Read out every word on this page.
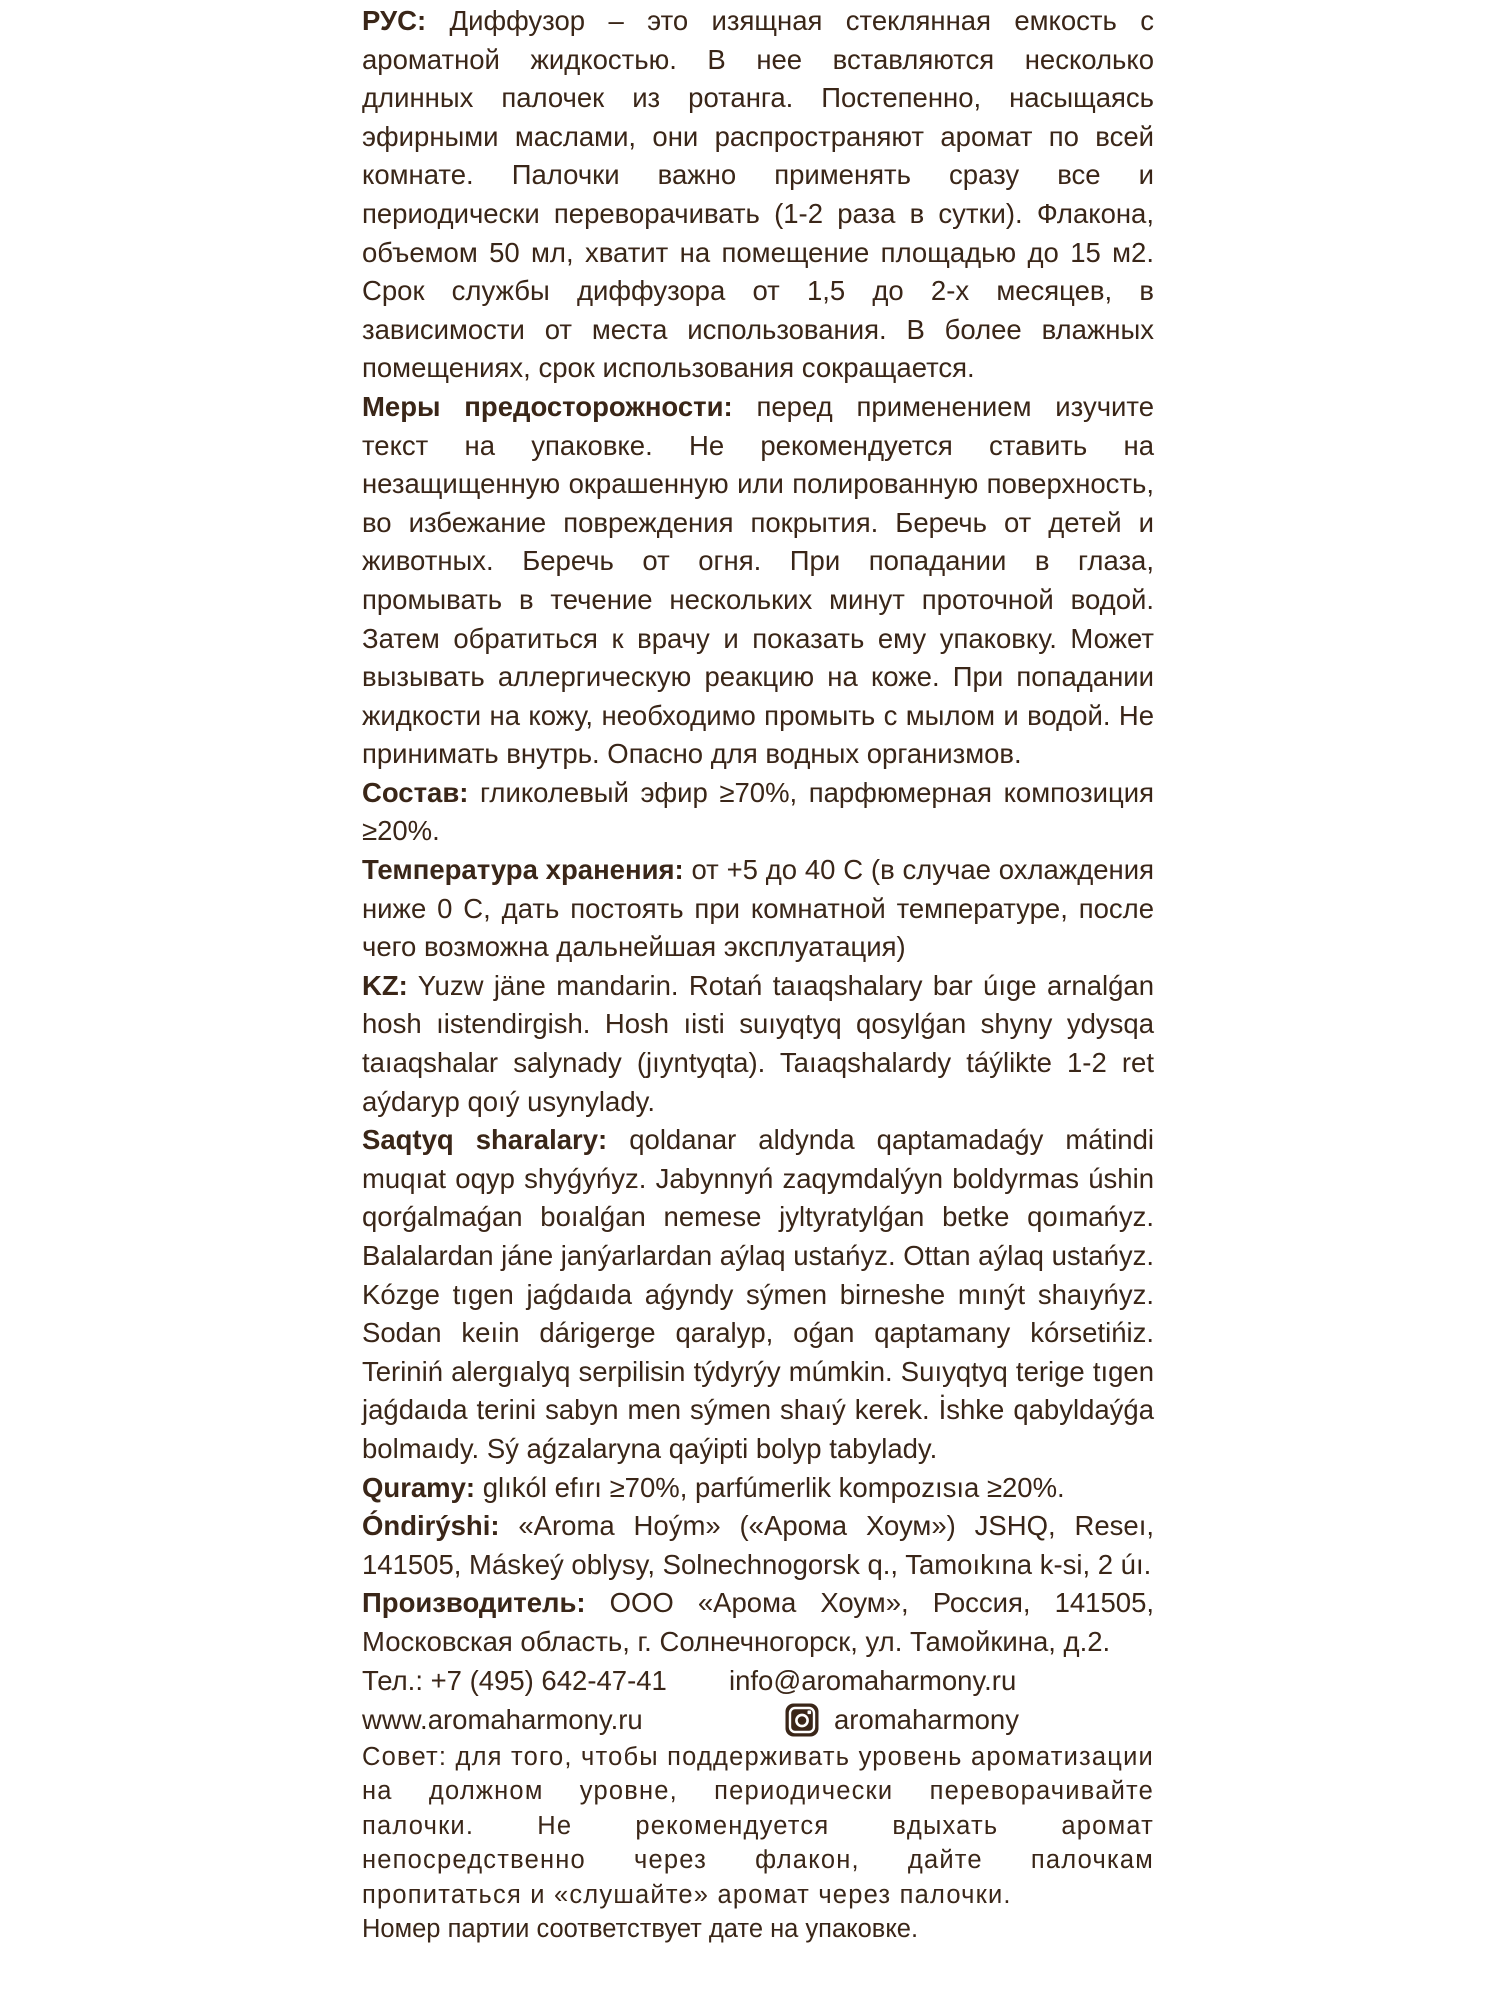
РУС: Диффузор – это изящная стеклянная емкость с ароматной жидкостью. В нее вставляются несколько длинных палочек из ротанга. Постепенно, насыщаясь эфирными маслами, они распространяют аромат по всей комнате. Палочки важно применять сразу все и периодически переворачивать (1-2 раза в сутки). Флакона, объемом 50 мл, хватит на помещение площадью до 15 м2. Срок службы диффузора от 1,5 до 2-х месяцев, в зависимости от места использования. В более влажных помещениях, срок использования сокращается.

Меры предосторожности: перед применением изучите текст на упаковке. Не рекомендуется ставить на незащищенную окрашенную или полированную поверхность, во избежание повреждения покрытия. Беречь от детей и животных. Беречь от огня. При попадании в глаза, промывать в течение нескольких минут проточной водой. Затем обратиться к врачу и показать ему упаковку. Может вызывать аллергическую реакцию на коже. При попадании жидкости на кожу, необходимо промыть с мылом и водой. Не принимать внутрь. Опасно для водных организмов.

Состав: гликолевый эфир ≥70%, парфюмерная композиция ≥20%.

Температура хранения: от +5 до 40 С (в случае охлаждения ниже 0 С, дать постоять при комнатной температуре, после чего возможна дальнейшая эксплуатация)

KZ: Yuzw jäne mandarin. Rotań taıaqshalary bar úıge arnalǵan hosh ıistendirgish. Hosh ıisti suıyqtyq qosylǵan shyny ydysqa taıaqshalar salynady (jıyntyqta). Taıaqshalardy táýlikte 1-2 ret aýdaryp qoıý usynylady.

Saqtyq sharalary: qoldanar aldynda qaptamadaǵy mátindi muqıat oqyp shyǵyńyz. Jabynnyń zaqymdalýyn boldyrmas úshin qorǵalmaǵan boıalǵan nemese jyltyratylǵan betke qoımańyz. Balalardan jáne janýarlardan aýlaq ustańyz. Ottan aýlaq ustańyz. Kózge tıgen jaǵdaıda aǵyndy sýmen birneshe mınýt shaıyńyz. Sodan keıin dárigerge qaralyp, oǵan qaptamany kórsetińiz. Teriniń alergıalyq serpilisin týdyrýy múmkin. Suıyqtyq terige tıgen jaǵdaıda terini sabyn men sýmen shaıý kerek. İshke qabyldaýǵa bolmaıdy. Sý aǵzalaryna qaýipti bolyp tabylady.

Quramy: glıkól efırı ≥70%, parfúmerlik kompozısıa ≥20%.

Óndirýshi: «Aroma Hoým» («Арома Хоум») JSHQ, Reseı, 141505, Máskeý oblysy, Solnechnogorsk q., Tamoıkına k-si, 2 úı.

Производитель: ООО «Арома Хоум», Россия, 141505, Московская область, г. Солнечногорск, ул. Тамойкина, д.2.

Тел.: +7 (495) 642-47-41	info@aromaharmony.ru
www.aromaharmony.ru	aromaharmony

Совет: для того, чтобы поддерживать уровень ароматизации на должном уровне, периодически переворачивайте палочки. Не рекомендуется вдыхать аромат непосредственно через флакон, дайте палочкам пропитаться и «слушайте» аромат через палочки.

Номер партии соответствует дате на упаковке.
